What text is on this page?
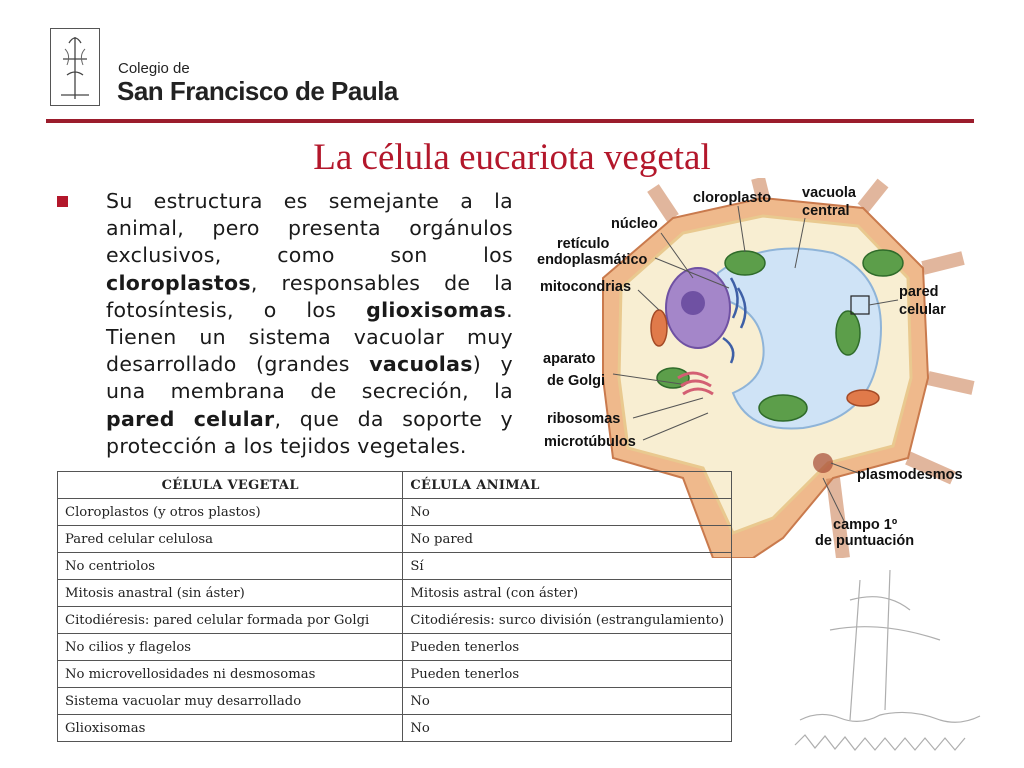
Colegio de
San Francisco de Paula
La célula eucariota vegetal
Su estructura es semejante a la animal, pero presenta orgánulos exclusivos, como son los cloroplastos, responsables de la fotosíntesis, o los glioxisomas. Tienen un sistema vacuolar muy desarrollado (grandes vacuolas) y una membrana de secreción, la pared celular, que da soporte y protección a los tejidos vegetales.
cloroplasto vacuola
central
núcleo
retículo
endoplasmático
mitocondrias	pared
celular
aparato
de Golgi
ribosomas
microtúbulos
plasmodesmos
campo 1º
de puntuación
CÉLULA VEGETAL	CÉLULA ANIMAL
Cloroplastos (y otros plastos)	No
Pared celular celulosa	No pared
No centriolos	Sí
Mitosis anastral (sin áster)	Mitosis astral (con áster)
Citodiéresis: pared celular formada por Golgi	Citodiéresis: surco división (estrangulamiento)
No cilios y flagelos	Pueden tenerlos
No microvellosidades ni desmosomas	Pueden tenerlos
Sistema vacuolar muy desarrollado	No
Glioxisomas	No
